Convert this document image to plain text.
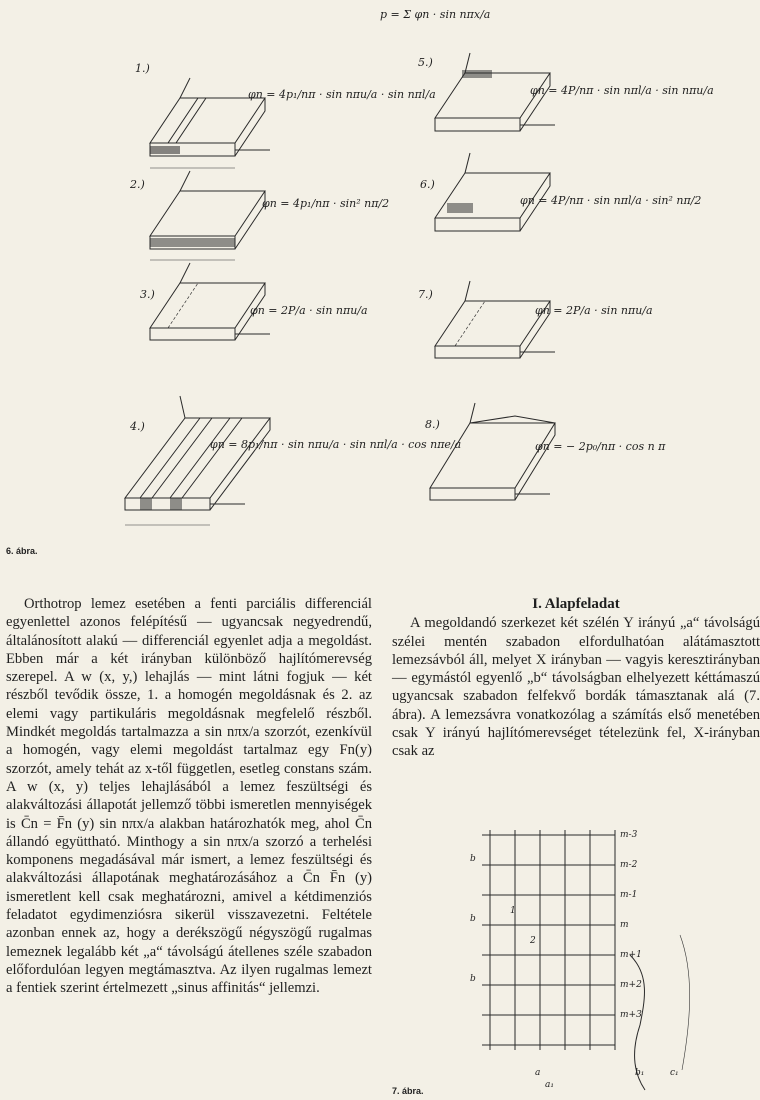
p = Σ φn · sin nπx/a
1.)
2.)
3.)
4.)
5.)
6.)
7.)
8.)
φn = 4p₁/nπ · sin nπu/a · sin nπl/a
φn = 4p₁/nπ · sin² nπ/2
φn = 2P/a · sin nπu/a
φn = 8p₁/nπ · sin nπu/a · sin nπl/a · cos nπe/a
φn = 4P/nπ · sin nπl/a · sin nπu/a
φn = 4P/nπ · sin nπl/a · sin² nπ/2
φn = 2P/a · sin nπu/a
φn = − 2p₀/nπ · cos n π
6. ábra.

Orthotrop lemez esetében a fenti parciális differenciál egyenlettel azonos felépítésű — ugyancsak negyedrendű, általánosított alakú — differenciál egyenlet adja a megoldást. Ebben már a két irányban különböző hajlítómerevség szerepel. A w (x, y,) lehajlás — mint látni fogjuk — két részből tevődik össze, 1. a homogén megoldásnak és 2. az elemi vagy partikuláris megoldásnak megfelelő részből. Mindkét megoldás tartalmazza a sin nπx/a szorzót, ezenkívül a homogén, vagy elemi megoldást tartalmaz egy Fn(y) szorzót, amely tehát az x-től független, esetleg constans szám. A w (x, y) teljes lehajlásából a lemez feszültségi és alakváltozási állapotát jellemző többi ismeretlen mennyiségek is C̄n = F̄n (y) sin nπx/a alakban határozhatók meg, ahol C̄n állandó együttható. Minthogy a sin nπx/a szorzó a terhelési komponens megadásával már ismert, a lemez feszültségi és alakváltozási állapotának meghatározásához a C̄n F̄n (y) ismeretlent kell csak meghatározni, amivel a kétdimenziós feladatot egydimenziósra sikerül visszavezetni. Feltétele azonban ennek az, hogy a derékszögű négyszögű rugalmas lemeznek legalább két „a“ távolságú átellenes széle szabadon előfordulóan legyen megtámasztva. Az ilyen rugalmas lemezt a fentiek szerint értelmezett „sinus affinitás“ jellemzi.

I. Alapfeladat

A megoldandó szerkezet két szélén Y irányú „a“ távolságú szélei mentén szabadon elfordulhatóan alátámasztott lemezsávból áll, melyet X irányban — vagyis keresztirányban — egymástól egyenlő „b“ távolságban elhelyezett kéttámaszú ugyancsak szabadon felfekvő bordák támasztanak alá (7. ábra). A lemezsávra vonatkozólag a számítás első menetében csak Y irányú hajlítómerevséget tételezünk fel, X-irányban csak az

a
a₁
b₁	c₁
b
b
b
m-3
m-2
m-1
m
m+1
m+2
m+3
1
2
7. ábra.
